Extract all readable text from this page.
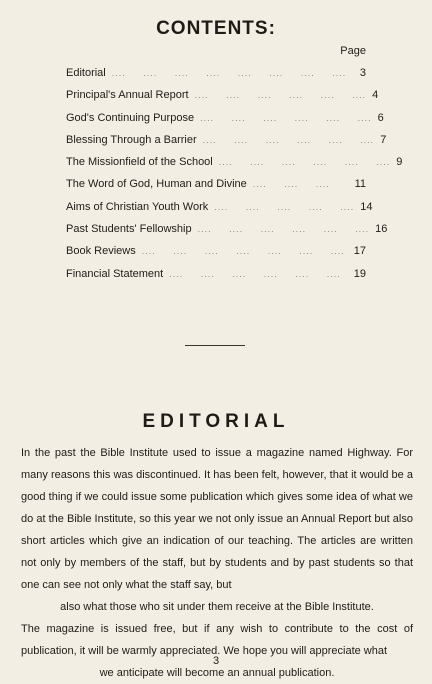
CONTENTS:
Page
Editorial ....     ....     ....     ....     ....     ....     ....     ....	3
Principal's Annual Report ....     ....     ....     ....     ....     .... 4
God's Continuing Purpose ....     ....     ....     ....     ....     .... 6
Blessing Through a Barrier ....     ....     ....     ....     ....     .... 7
The Missionfield of the School ....     ....     ....     ....     ....     .... 9
The Word of God, Human and Divine ....     ....     ....	11
Aims of Christian Youth Work ....     ....     ....     ....     .... 14
Past Students' Fellowship ....     ....     ....     ....     ....     .... 16
Book Reviews ....     ....     ....     ....     ....     ....     .... 17
Financial Statement ....     ....     ....     ....     ....     ....	19
EDITORIAL

In the past the Bible Institute used to issue a magazine named Highway. For many reasons this was discontinued. It has been felt, however, that it would be a good thing if we could issue some publication which gives some idea of what we do at the Bible Institute, so this year we not only issue an Annual Report but also short articles which give an indication of our teaching. The articles are written not only by members of the staff, but by students and by past students so that one can see not only what the staff say, but

also what those who sit under them receive at the Bible Institute.

The magazine is issued free, but if any wish to contribute to the cost of publication, it will be warmly appreciated. We hope you will appreciate what

we anticipate will become an annual publication.

3
